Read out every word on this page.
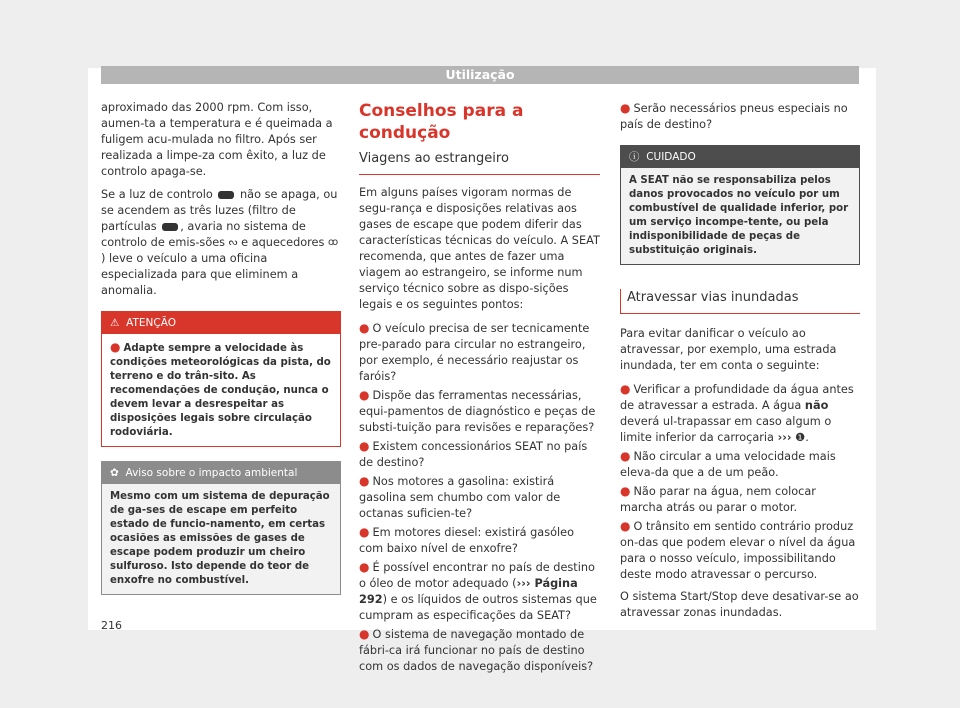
Utilização

aproximado das 2000 rpm. Com isso, aumen-ta a temperatura e é queimada a fuligem acu-mulada no filtro. Após ser realizada a limpe-za com êxito, a luz de controlo apaga-se.

Se a luz de controlo não se apaga, ou se acendem as três luzes (filtro de partículas , avaria no sistema de controlo de emis-sões ᔓ e aquecedores ꝏ) leve o veículo a uma oficina especializada para que eliminem a anomalia.

⚠ ATENÇÃO
● Adapte sempre a velocidade às condições meteorológicas da pista, do terreno e do trân-sito. As recomendações de condução, nunca o devem levar a desrespeitar as disposições legais sobre circulação rodoviária.
✿ Aviso sobre o impacto ambiental
Mesmo com um sistema de depuração de ga-ses de escape em perfeito estado de funcio-namento, em certas ocasiões as emissões de gases de escape podem produzir um cheiro sulfuroso. Isto depende do teor de enxofre no combustível.
Conselhos para a condução
Viagens ao estrangeiro

Em alguns países vigoram normas de segu-rança e disposições relativas aos gases de escape que podem diferir das características técnicas do veículo. A SEAT recomenda, que antes de fazer uma viagem ao estrangeiro, se informe num serviço técnico sobre as dispo-sições legais e os seguintes pontos:

● O veículo precisa de ser tecnicamente pre-parado para circular no estrangeiro, por exemplo, é necessário reajustar os faróis?

● Dispõe das ferramentas necessárias, equi-pamentos de diagnóstico e peças de substi-tuição para revisões e reparações?

● Existem concessionários SEAT no país de destino?

● Nos motores a gasolina: existirá gasolina sem chumbo com valor de octanas suficien-te?

● Em motores diesel: existirá gasóleo com baixo nível de enxofre?

● É possível encontrar no país de destino o óleo de motor adequado (››› Página 292) e os líquidos de outros sistemas que cumpram as especificações da SEAT?

● O sistema de navegação montado de fábri-ca irá funcionar no país de destino com os dados de navegação disponíveis?

● Serão necessários pneus especiais no país de destino?

ⓘ CUIDADO
A SEAT não se responsabiliza pelos danos provocados no veículo por um combustível de qualidade inferior, por um serviço incompe-tente, ou pela indisponibilidade de peças de substituição originais.
Atravessar vias inundadas

Para evitar danificar o veículo ao atravessar, por exemplo, uma estrada inundada, ter em conta o seguinte:

● Verificar a profundidade da água antes de atravessar a estrada. A água não deverá ul-trapassar em caso algum o limite inferior da carroçaria ››› ❶.

● Não circular a uma velocidade mais eleva-da que a de um peão.

● Não parar na água, nem colocar marcha atrás ou parar o motor.

● O trânsito em sentido contrário produz on-das que podem elevar o nível da água para o nosso veículo, impossibilitando deste modo atravessar o percurso.

O sistema Start/Stop deve desativar-se ao atravessar zonas inundadas.

216
